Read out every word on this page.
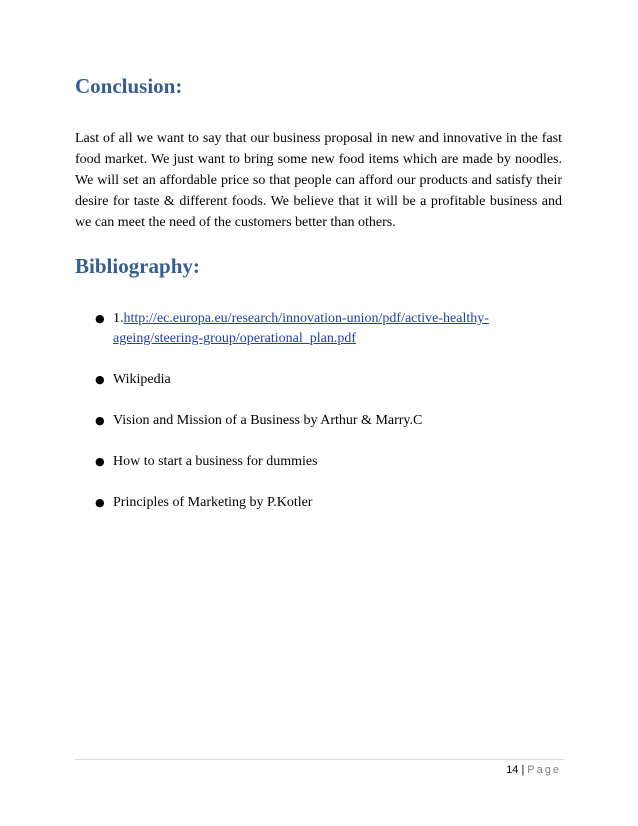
Conclusion:

Last of all we want to say that our business proposal in new and innovative in the fast food market. We just want to bring some new food items which are made by noodles. We will set an affordable price so that people can afford our products and satisfy their desire for taste & different foods. We believe that it will be a profitable business and we can meet the need of the customers better than others.

Bibliography:
● 1.http://ec.europa.eu/research/innovation-union/pdf/active-healthy-ageing/steering-group/operational_plan.pdf
● Wikipedia
● Vision and Mission of a Business by Arthur & Marry.C
● How to start a business for dummies
● Principles of Marketing by P.Kotler
14 | Page
